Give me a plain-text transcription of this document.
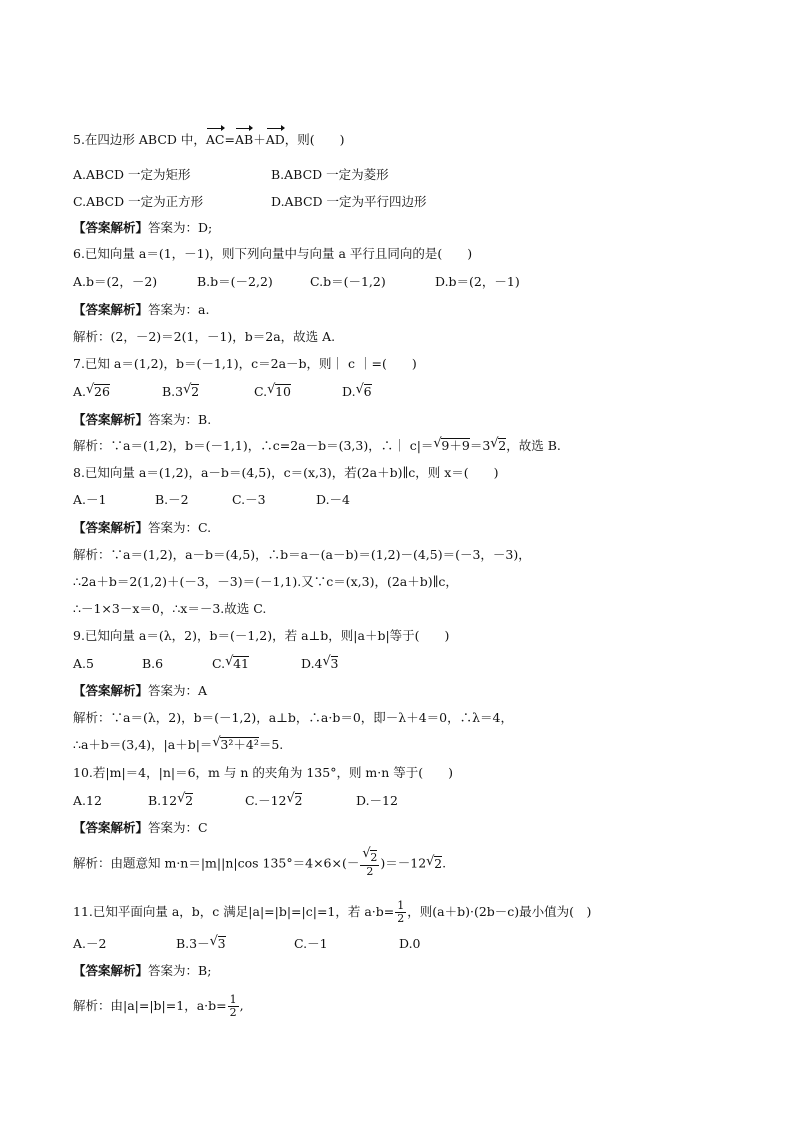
5.在四边形 ABCD 中，AC=AB＋AD，则(　　)
A.ABCD 一定为矩形	B.ABCD 一定为菱形
C.ABCD 一定为正方形	D.ABCD 一定为平行四边形
【答案解析】答案为：D;
6.已知向量 a＝(1，－1)，则下列向量中与向量 a 平行且同向的是(　　)
A.b＝(2，－2)	B.b＝(－2,2)	C.b＝(－1,2)	D.b＝(2，－1)
【答案解析】答案为：a.
解析：(2，－2)＝2(1，－1)，b＝2a，故选 A.
7.已知 a＝(1,2)，b＝(－1,1)，c＝2a－b，则｜ c ｜=(　　)
A.√ 26	B.3√ 2	C.√ 10	D.√ 6
【答案解析】答案为：B.
解析：∵a＝(1,2)，b＝(－1,1)，∴c=2a－b＝(3,3)，∴｜ c|＝√ 9＋9＝3√ 2，故选 B.
8.已知向量 a＝(1,2)，a－b＝(4,5)，c＝(x,3)，若(2a＋b)∥c，则 x＝(　　)
A.－1	B.－2	C.－3	D.－4
【答案解析】答案为：C.
解析：∵a＝(1,2)，a－b＝(4,5)，∴b＝a－(a－b)＝(1,2)－(4,5)＝(－3，－3)，
∴2a＋b＝2(1,2)＋(－3，－3)＝(－1,1).又∵c＝(x,3)，(2a＋b)∥c，
∴－1×3－x＝0，∴x＝－3.故选 C.
9.已知向量 a＝(λ，2)，b＝(－1,2)，若 a⊥b，则|a＋b|等于(　　)
A.5	B.6	C.√ 41	D.4√ 3
【答案解析】答案为：A
解析：∵a＝(λ，2)，b＝(－1,2)，a⊥b，∴a·b＝0，即－λ＋4＝0，∴λ＝4，
∴a＋b＝(3,4)，|a＋b|＝√ 3²＋4²＝5.
10.若|m|＝4，|n|＝6，m 与 n 的夹角为 135°，则 m·n 等于(　　)
A.12	B.12√ 2	C.－12√ 2	D.－12
【答案解析】答案为：C
解析：由题意知 m·n＝|m||n|cos 135°＝4×6×(－
√ $\frac{2}{2} )=-12√$ 2.
11.已知平面向量 a，b，c 满足|a|=|b|=|c|=1，若 $a\cdot b= \frac{1}{2}$ ，则(a＋b)·(2b－c)最小值为(　)
A.－2	B.3－√ 3	C.－1	D.0
【答案解析】答案为：B;
解析：由|a|=|b|=1，$a\cdot b= \frac{1}{2}$ ,
